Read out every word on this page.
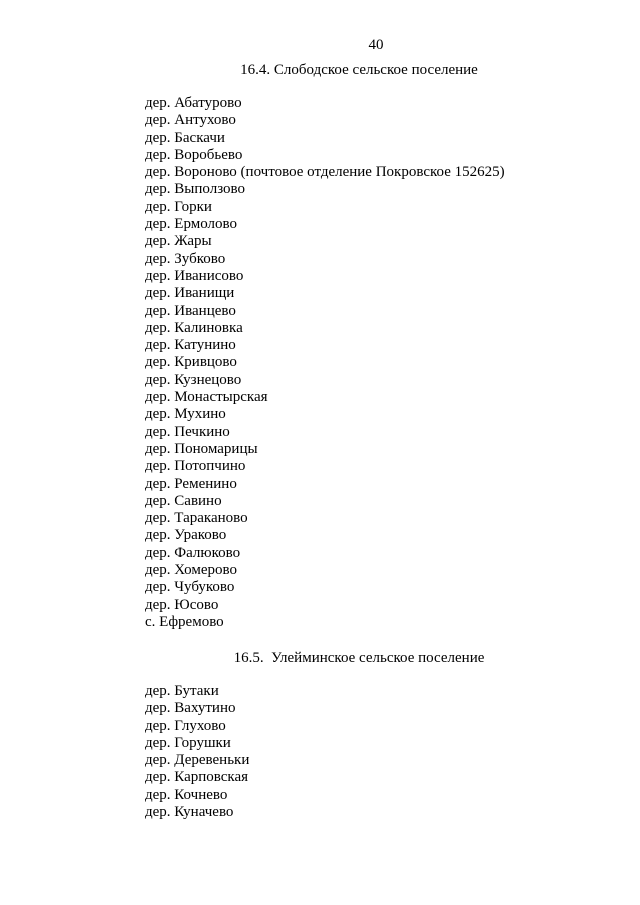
40
16.4. Слободское сельское поселение
дер. Абатурово
дер. Антухово
дер. Баскачи
дер. Воробьево
дер. Вороново (почтовое отделение Покровское 152625)
дер. Выползово
дер. Горки
дер. Ермолово
дер. Жары
дер. Зубково
дер. Иванисово
дер. Иванищи
дер. Иванцево
дер. Калиновка
дер. Катунино
дер. Кривцово
дер. Кузнецово
дер. Монастырская
дер. Мухино
дер. Печкино
дер. Пономарицы
дер. Потопчино
дер. Ременино
дер. Савино
дер. Тараканово
дер. Ураково
дер. Фалюково
дер. Хомерово
дер. Чубуково
дер. Юсово
с. Ефремово
16.5.  Улейминское сельское поселение
дер. Бутаки
дер. Вахутино
дер. Глухово
дер. Горушки
дер. Деревеньки
дер. Карповская
дер. Кочнево
дер. Куначево
